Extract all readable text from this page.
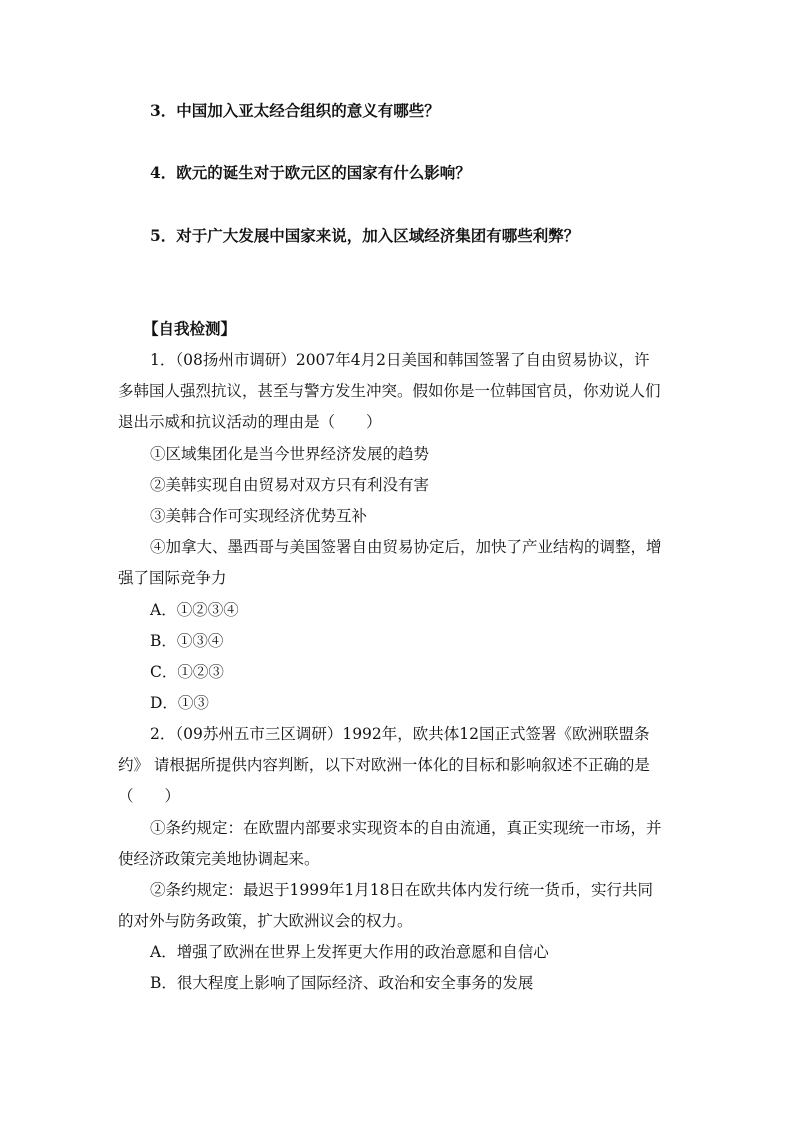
3．中国加入亚太经合组织的意义有哪些？
4．欧元的诞生对于欧元区的国家有什么影响？
5．对于广大发展中国家来说，加入区域经济集团有哪些利弊？
【自我检测】
1．（08扬州市调研）2007年4月2日美国和韩国签署了自由贸易协议，许
多韩国人强烈抗议，甚至与警方发生冲突。假如你是一位韩国官员，你劝说人们
退出示威和抗议活动的理由是（　　）
①区域集团化是当今世界经济发展的趋势
②美韩实现自由贸易对双方只有利没有害
③美韩合作可实现经济优势互补
④加拿大、墨西哥与美国签署自由贸易协定后，加快了产业结构的调整，增
强了国际竞争力
A．①②③④
B．①③④
C．①②③
D．①③
2．（09苏州五市三区调研）1992年，欧共体12国正式签署《欧洲联盟条
约》 请根据所提供内容判断，以下对欧洲一体化的目标和影响叙述不正确的是
（　　）
①条约规定：在欧盟内部要求实现资本的自由流通，真正实现统一市场，并
使经济政策完美地协调起来。
②条约规定：最迟于1999年1月18日在欧共体内发行统一货币，实行共同
的对外与防务政策，扩大欧洲议会的权力。
A．增强了欧洲在世界上发挥更大作用的政治意愿和自信心
B．很大程度上影响了国际经济、政治和安全事务的发展
